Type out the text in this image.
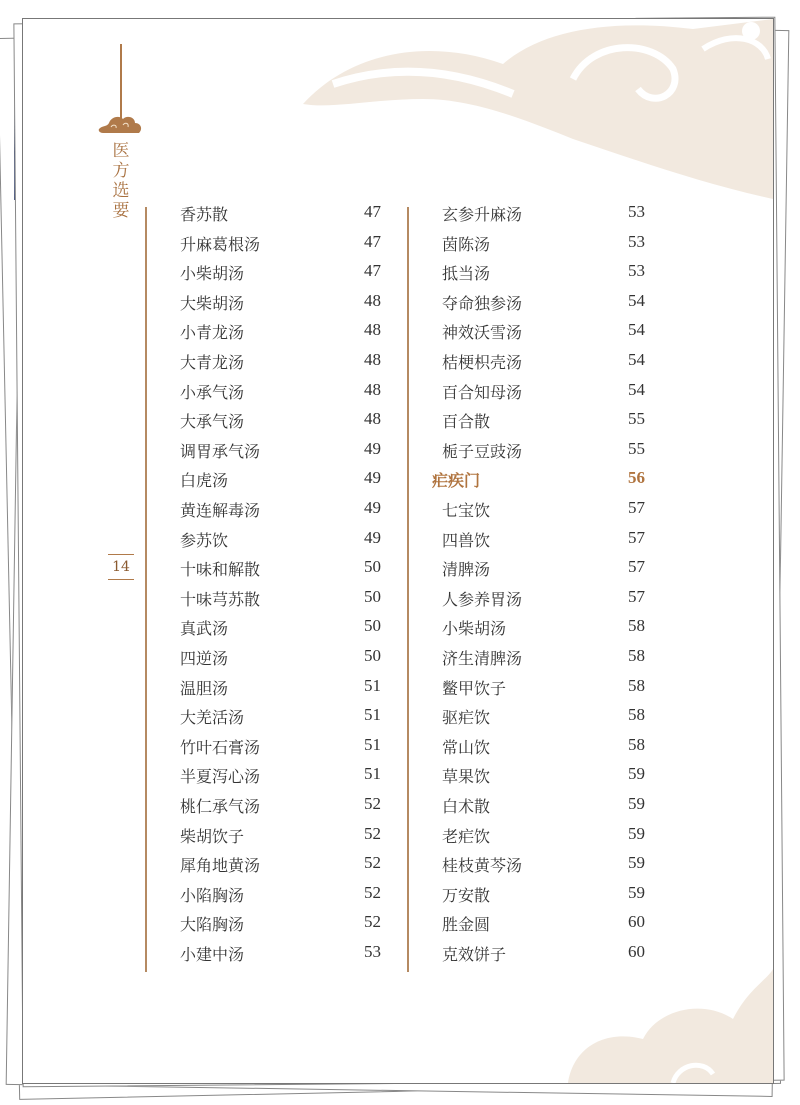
医方选要
14
香苏散	47
升麻葛根汤	47
小柴胡汤	47
大柴胡汤	48
小青龙汤	48
大青龙汤	48
小承气汤	48
大承气汤	48
调胃承气汤	49
白虎汤	49
黄连解毒汤	49
参苏饮	49
十味和解散	50
十味芎苏散	50
真武汤	50
四逆汤	50
温胆汤	51
大羌活汤	51
竹叶石膏汤	51
半夏泻心汤	51
桃仁承气汤	52
柴胡饮子	52
犀角地黄汤	52
小陷胸汤	52
大陷胸汤	52
小建中汤	53
玄参升麻汤	53
茵陈汤	53
抵当汤	53
夺命独参汤	54
神效沃雪汤	54
桔梗枳壳汤	54
百合知母汤	54
百合散	55
栀子豆豉汤	55
疟疾门	56
七宝饮	57
四兽饮	57
清脾汤	57
人参养胃汤	57
小柴胡汤	58
济生清脾汤	58
鳖甲饮子	58
驱疟饮	58
常山饮	58
草果饮	59
白术散	59
老疟饮	59
桂枝黄芩汤	59
万安散	59
胜金圆	60
克效饼子	60
